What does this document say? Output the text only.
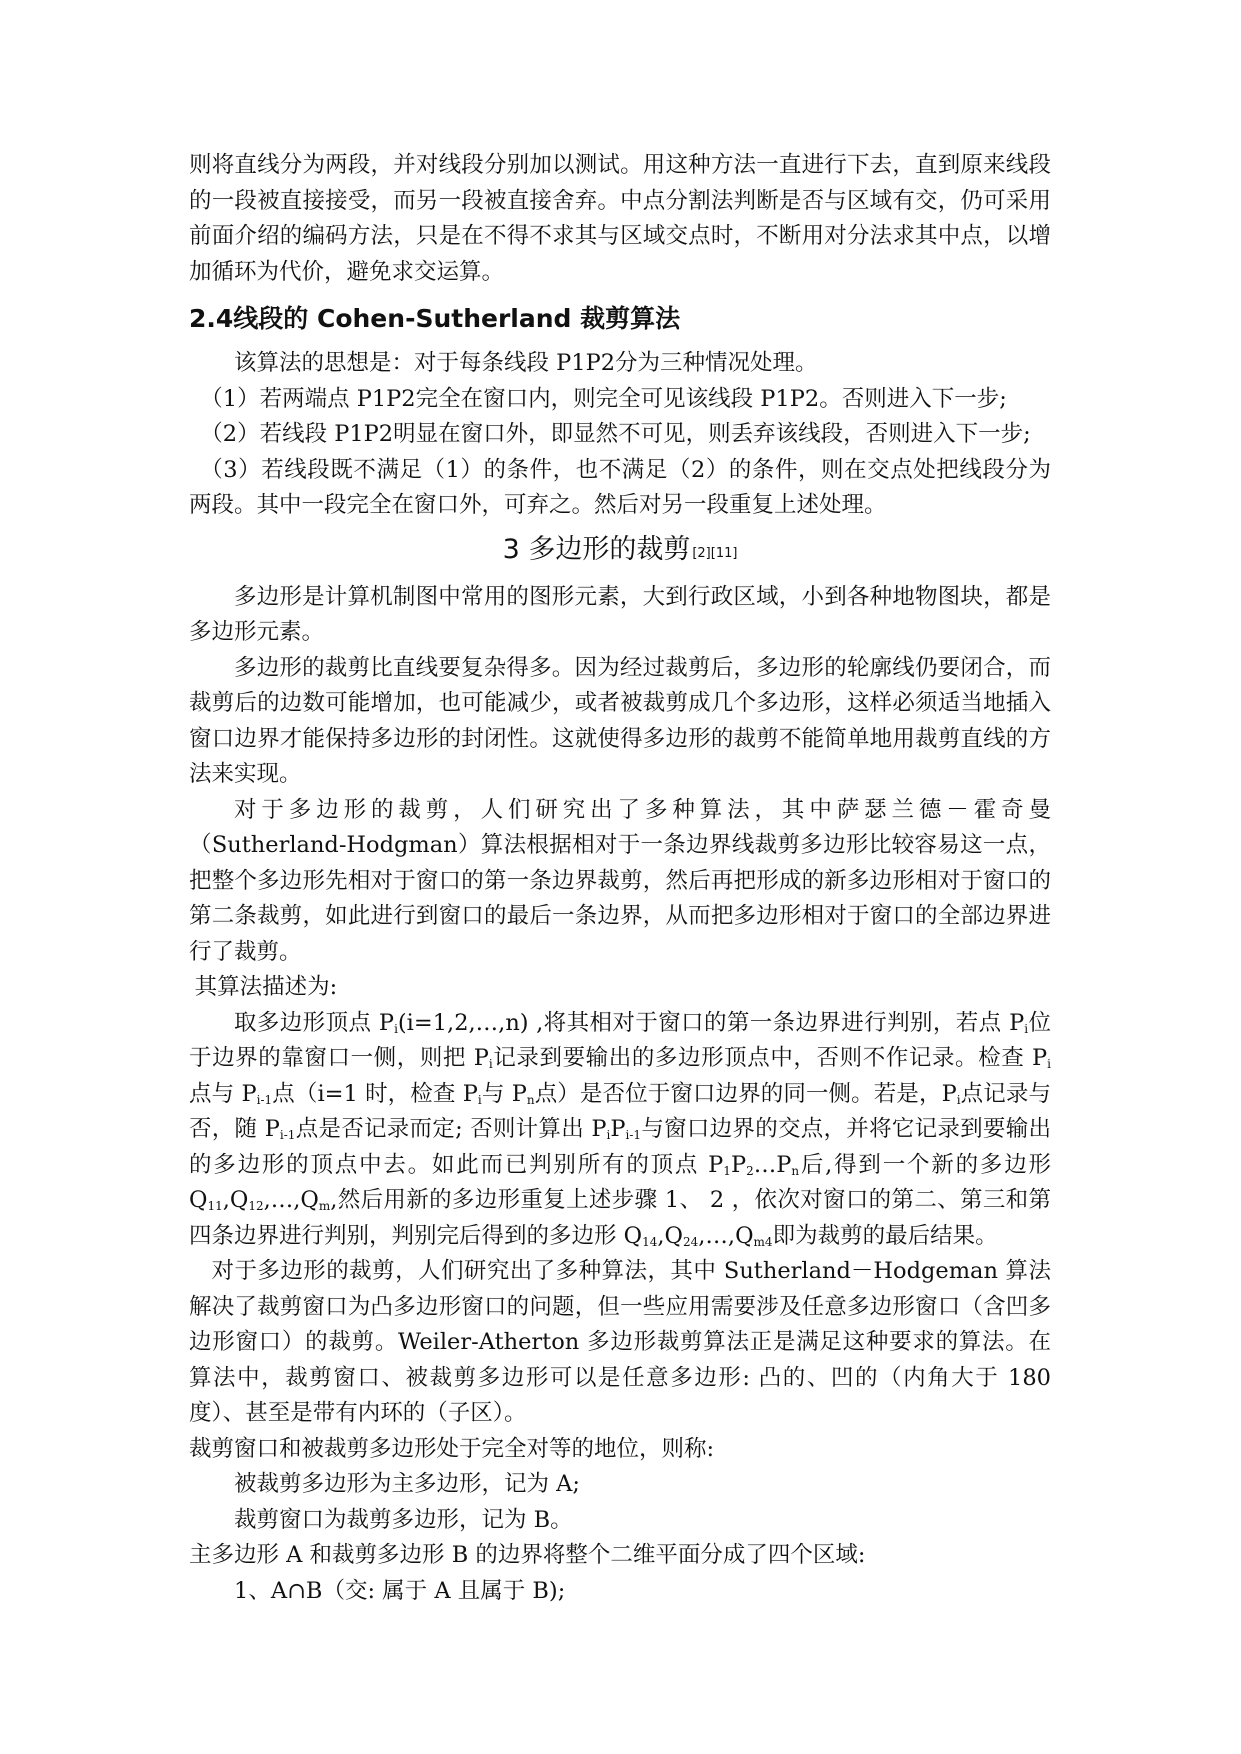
则将直线分为两段，并对线段分别加以测试。用这种方法一直进行下去，直到原来线段的一段被直接接受，而另一段被直接舍弃。中点分割法判断是否与区域有交，仍可采用前面介绍的编码方法，只是在不得不求其与区域交点时，不断用对分法求其中点，以增加循环为代价，避免求交运算。

2.4线段的 Cohen-Sutherland 裁剪算法

该算法的思想是：对于每条线段 P1P2分为三种情况处理。

（1）若两端点 P1P2完全在窗口内，则完全可见该线段 P1P2。否则进入下一步;

（2）若线段 P1P2明显在窗口外，即显然不可见，则丢弃该线段，否则进入下一步;

（3）若线段既不满足（1）的条件，也不满足（2）的条件，则在交点处把线段分为两段。其中一段完全在窗口外，可弃之。然后对另一段重复上述处理。

3 多边形的裁剪 [2][11]

多边形是计算机制图中常用的图形元素，大到行政区域，小到各种地物图块，都是多边形元素。

多边形的裁剪比直线要复杂得多。因为经过裁剪后，多边形的轮廓线仍要闭合，而裁剪后的边数可能增加，也可能减少，或者被裁剪成几个多边形，这样必须适当地插入窗口边界才能保持多边形的封闭性。这就使得多边形的裁剪不能简单地用裁剪直线的方法来实现。

对于多边形的裁剪，人们研究出了多种算法，其中萨瑟兰德－霍奇曼（Sutherland-Hodgman）算法根据相对于一条边界线裁剪多边形比较容易这一点，把整个多边形先相对于窗口的第一条边界裁剪，然后再把形成的新多边形相对于窗口的第二条裁剪，如此进行到窗口的最后一条边界，从而把多边形相对于窗口的全部边界进行了裁剪。

其算法描述为:

取多边形顶点 $P_i(i=1,2,\dots,n)$ ,将其相对于窗口的第一条边界进行判别，若点 $P_i$位于边界的靠窗口一侧，则把 $P_i$记录到要输出的多边形顶点中，否则不作记录。检查 $P_i$点与 $P_{i-1}$点（i=1 时，检查 $P_i$与 $P_n$点）是否位于窗口边界的同一侧。若是，$P_i$点记录与否，随 $P_{i-1}$点是否记录而定; 否则计算出 $P_iP_{i-1}$与窗口边界的交点，并将它记录到要输出的多边形的顶点中去。如此而已判别所有的顶点 $P_1P_2\dots P_n$后,得到一个新的多边形 $Q_{11},Q_{12},\dots,Q_m$,然后用新的多边形重复上述步骤 1、 2 ，依次对窗口的第二、第三和第四条边界进行判别，判别完后得到的多边形 $Q_{14},Q_{24},\dots,Q_{m4}$即为裁剪的最后结果。

对于多边形的裁剪，人们研究出了多种算法，其中 Sutherland－Hodgeman 算法解决了裁剪窗口为凸多边形窗口的问题，但一些应用需要涉及任意多边形窗口（含凹多边形窗口）的裁剪。Weiler-Atherton 多边形裁剪算法正是满足这种要求的算法。在算法中，裁剪窗口、被裁剪多边形可以是任意多边形: 凸的、凹的（内角大于 180 度）、甚至是带有内环的（子区）。

裁剪窗口和被裁剪多边形处于完全对等的地位，则称:

被裁剪多边形为主多边形，记为 A;

裁剪窗口为裁剪多边形，记为 B。

主多边形 A 和裁剪多边形 B 的边界将整个二维平面分成了四个区域:

1、A∩B（交: 属于 A 且属于 B);
